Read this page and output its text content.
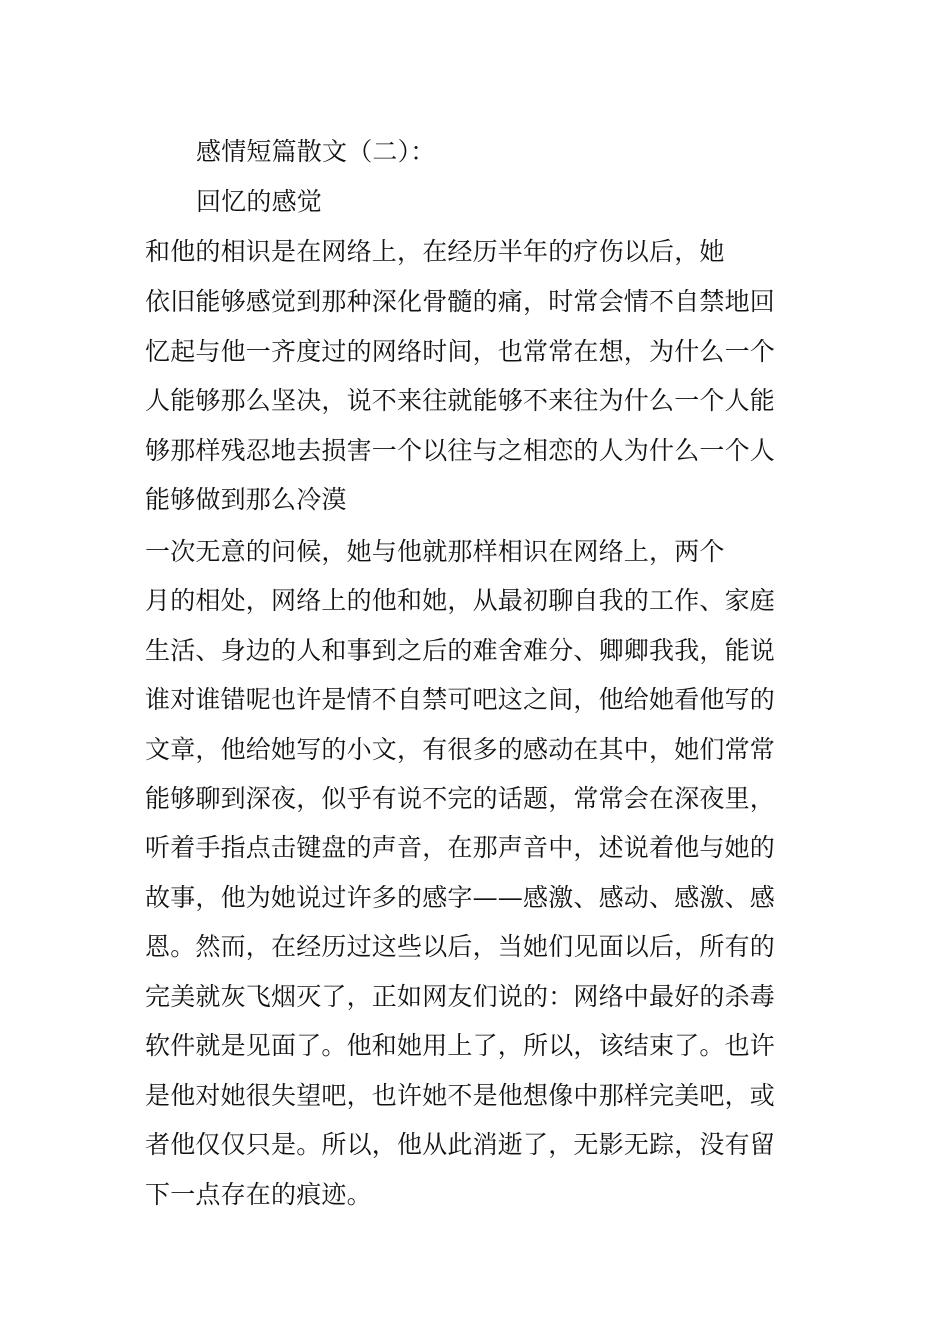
感情短篇散文（二）：
回忆的感觉
和他的相识是在网络上，在经历半年的疗伤以后，她
依旧能够感觉到那种深化骨髓的痛，时常会情不自禁地回
忆起与他一齐度过的网络时间，也常常在想，为什么一个
人能够那么坚决，说不来往就能够不来往为什么一个人能
够那样残忍地去损害一个以往与之相恋的人为什么一个人
能够做到那么冷漠
一次无意的问候，她与他就那样相识在网络上，两个
月的相处，网络上的他和她，从最初聊自我的工作、家庭
生活、身边的人和事到之后的难舍难分、卿卿我我，能说
谁对谁错呢也许是情不自禁可吧这之间，他给她看他写的
文章，他给她写的小文，有很多的感动在其中，她们常常
能够聊到深夜，似乎有说不完的话题，常常会在深夜里，
听着手指点击键盘的声音，在那声音中，述说着他与她的
故事，他为她说过许多的感字——感激、感动、感激、感
恩。然而，在经历过这些以后，当她们见面以后，所有的
完美就灰飞烟灭了，正如网友们说的：网络中最好的杀毒
软件就是见面了。他和她用上了，所以，该结束了。也许
是他对她很失望吧，也许她不是他想像中那样完美吧，或
者他仅仅只是。所以，他从此消逝了，无影无踪，没有留
下一点存在的痕迹。
